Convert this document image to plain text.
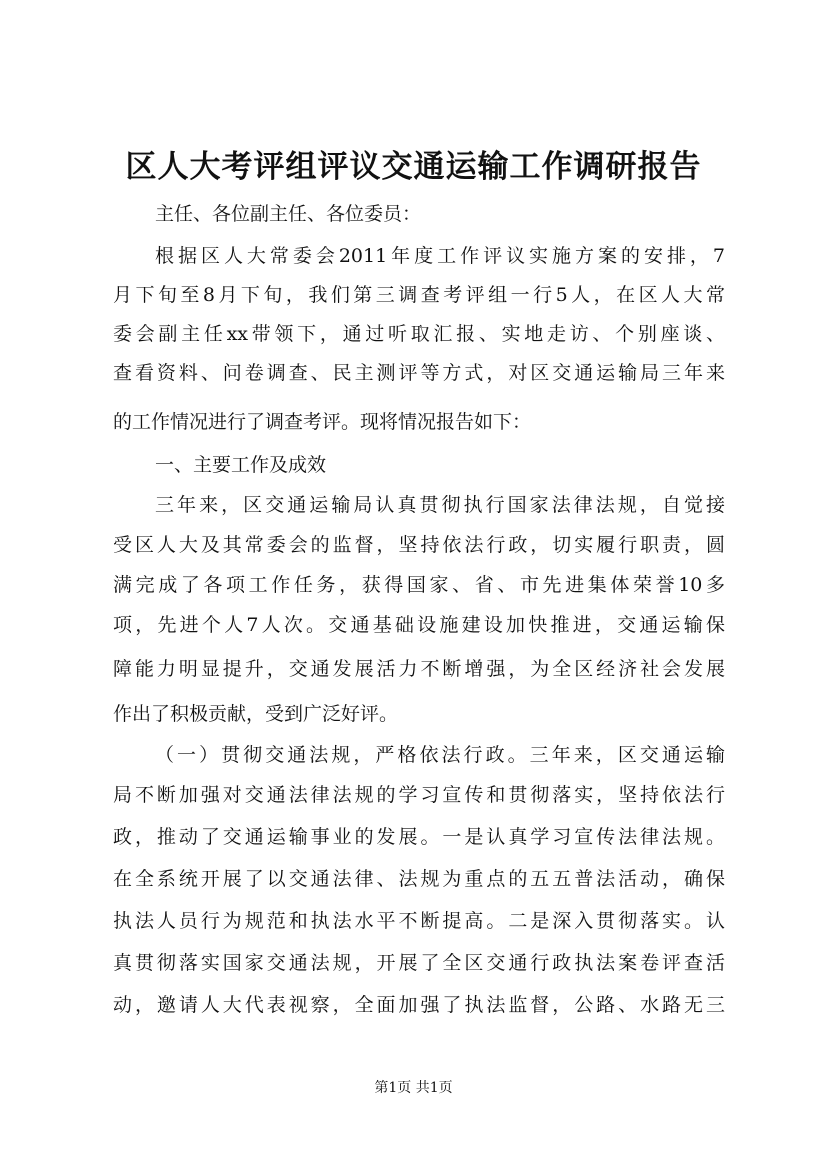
区人大考评组评议交通运输工作调研报告
主任、各位副主任、各位委员：
根据区人大常委会2011年度工作评议实施方案的安排，7
月下旬至8月下旬，我们第三调查考评组一行5人，在区人大常
委会副主任xx带领下，通过听取汇报、实地走访、个别座谈、
查看资料、问卷调查、民主测评等方式，对区交通运输局三年来
的工作情况进行了调查考评。现将情况报告如下：
一、主要工作及成效
三年来，区交通运输局认真贯彻执行国家法律法规，自觉接
受区人大及其常委会的监督，坚持依法行政，切实履行职责，圆
满完成了各项工作任务，获得国家、省、市先进集体荣誉10多
项，先进个人7人次。交通基础设施建设加快推进，交通运输保
障能力明显提升，交通发展活力不断增强，为全区经济社会发展
作出了积极贡献，受到广泛好评。
（一）贯彻交通法规，严格依法行政。三年来，区交通运输
局不断加强对交通法律法规的学习宣传和贯彻落实，坚持依法行
政，推动了交通运输事业的发展。一是认真学习宣传法律法规。
在全系统开展了以交通法律、法规为重点的五五普法活动，确保
执法人员行为规范和执法水平不断提高。二是深入贯彻落实。认
真贯彻落实国家交通法规，开展了全区交通行政执法案卷评查活
动，邀请人大代表视察，全面加强了执法监督，公路、水路无三
第1页 共1页
